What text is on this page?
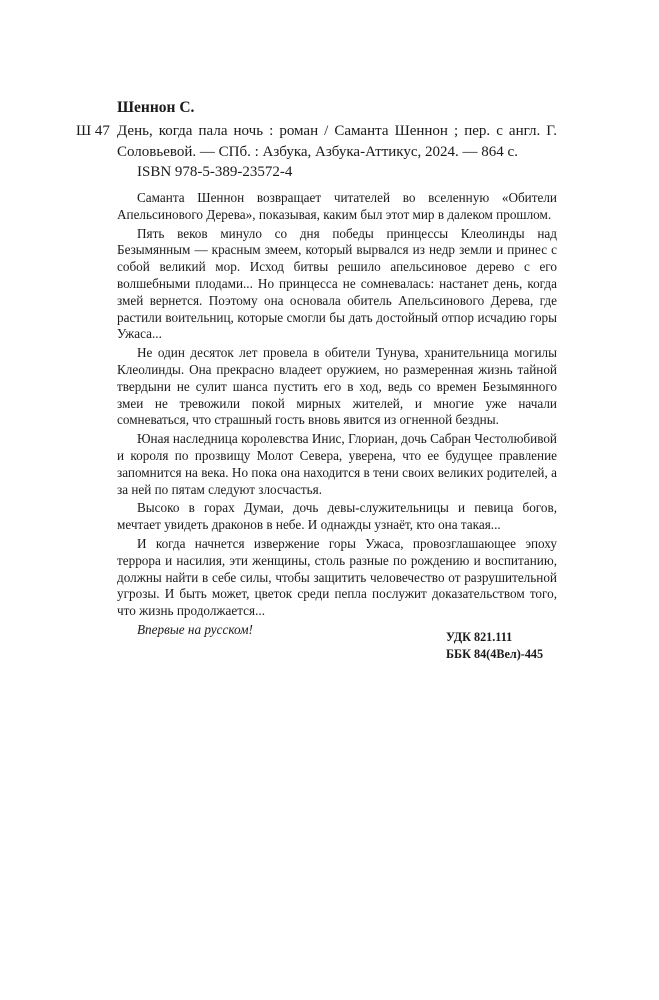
Шеннон С.
Ш 47 День, когда пала ночь : роман / Саманта Шеннон ; пер. с англ. Г. Соловьевой. — СПб. : Азбука, Азбука-Аттикус, 2024. — 864 с.

ISBN 978-5-389-23572-4

Саманта Шеннон возвращает читателей во вселенную «Обители Апельсинового Дерева», показывая, каким был этот мир в далеком прошлом.

Пять веков минуло со дня победы принцессы Клеолинды над Безымянным — красным змеем, который вырвался из недр земли и принес с собой великий мор. Исход битвы решило апельсиновое дерево с его волшебными плодами... Но принцесса не сомневалась: настанет день, когда змей вернется. Поэтому она основала обитель Апельсинового Дерева, где растили воительниц, которые смогли бы дать достойный отпор исчадию горы Ужаса...

Не один десяток лет провела в обители Тунува, хранительница могилы Клеолинды. Она прекрасно владеет оружием, но размеренная жизнь тайной твердыни не сулит шанса пустить его в ход, ведь со времен Безымянного змеи не тревожили покой мирных жителей, и многие уже начали сомневаться, что страшный гость вновь явится из огненной бездны.

Юная наследница королевства Инис, Глориан, дочь Сабран Честолюбивой и короля по прозвищу Молот Севера, уверена, что ее будущее правление запомнится на века. Но пока она находится в тени своих великих родителей, а за ней по пятам следуют злосчастья.

Высоко в горах Думаи, дочь девы-служительницы и певица богов, мечтает увидеть драконов в небе. И однажды узнаёт, кто она такая...

И когда начнется извержение горы Ужаса, провозглашающее эпоху террора и насилия, эти женщины, столь разные по рождению и воспитанию, должны найти в себе силы, чтобы защитить человечество от разрушительной угрозы. И быть может, цветок среди пепла послужит доказательством того, что жизнь продолжается...

Впервые на русском!

УДК 821.111
ББК 84(4Вел)-445
